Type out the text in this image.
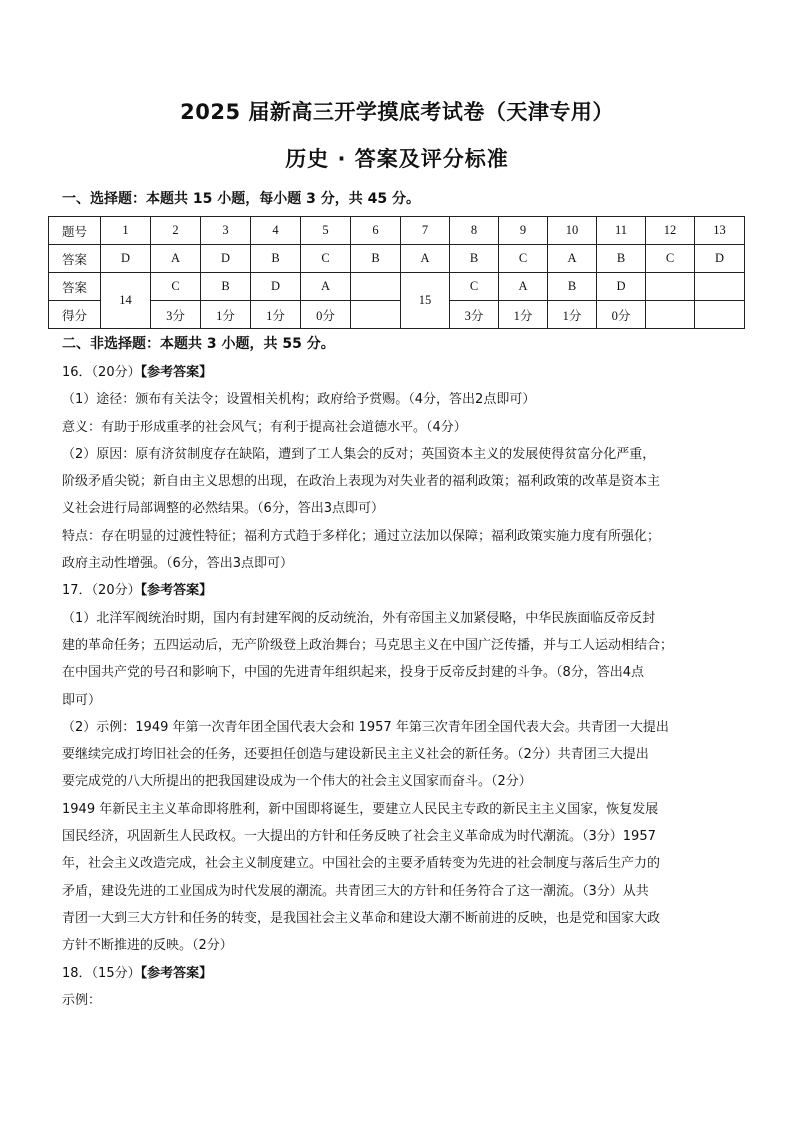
2025 届新高三开学摸底考试卷（天津专用）
历史 · 答案及评分标准
一、选择题：本题共 15 小题，每小题 3 分，共 45 分。
题号	1	2	3	4	5	6	7	8	9	10	11	12	13
答案	D	A	D	B	C	B	A	B	C	A	B	C	D
答案	14	C	B	D	A		15	C	A	B	D		
得分		3分	1分	1分	0分			3分	1分	1分	0分		
二、非选择题：本题共 3 小题，共 55 分。

16．（20分）【参考答案】

（1）途径：颁布有关法令；设置相关机构；政府给予赏赐。（4分，答出2点即可）

意义：有助于形成重孝的社会风气；有利于提高社会道德水平。（4分）

（2）原因：原有济贫制度存在缺陷，遭到了工人集会的反对；英国资本主义的发展使得贫富分化严重，

阶级矛盾尖锐；新自由主义思想的出现，在政治上表现为对失业者的福利政策；福利政策的改革是资本主

义社会进行局部调整的必然结果。（6分，答出3点即可）

特点：存在明显的过渡性特征；福利方式趋于多样化；通过立法加以保障；福利政策实施力度有所强化；

政府主动性增强。（6分，答出3点即可）

17．（20分）【参考答案】

（1）北洋军阀统治时期，国内有封建军阀的反动统治，外有帝国主义加紧侵略，中华民族面临反帝反封

建的革命任务；五四运动后，无产阶级登上政治舞台；马克思主义在中国广泛传播，并与工人运动相结合；

在中国共产党的号召和影响下，中国的先进青年组织起来，投身于反帝反封建的斗争。（8分，答出4点

即可）

（2）示例：1949 年第一次青年团全国代表大会和 1957 年第三次青年团全国代表大会。共青团一大提出

要继续完成打垮旧社会的任务，还要担任创造与建设新民主主义社会的新任务。（2分）共青团三大提出

要完成党的八大所提出的把我国建设成为一个伟大的社会主义国家而奋斗。（2分）

1949 年新民主主义革命即将胜利，新中国即将诞生，要建立人民民主专政的新民主主义国家，恢复发展

国民经济，巩固新生人民政权。一大提出的方针和任务反映了社会主义革命成为时代潮流。（3分）1957

年，社会主义改造完成，社会主义制度建立。中国社会的主要矛盾转变为先进的社会制度与落后生产力的

矛盾，建设先进的工业国成为时代发展的潮流。共青团三大的方针和任务符合了这一潮流。（3分）从共

青团一大到三大方针和任务的转变，是我国社会主义革命和建设大潮不断前进的反映，也是党和国家大政

方针不断推进的反映。（2分）

18．（15分）【参考答案】

示例：
